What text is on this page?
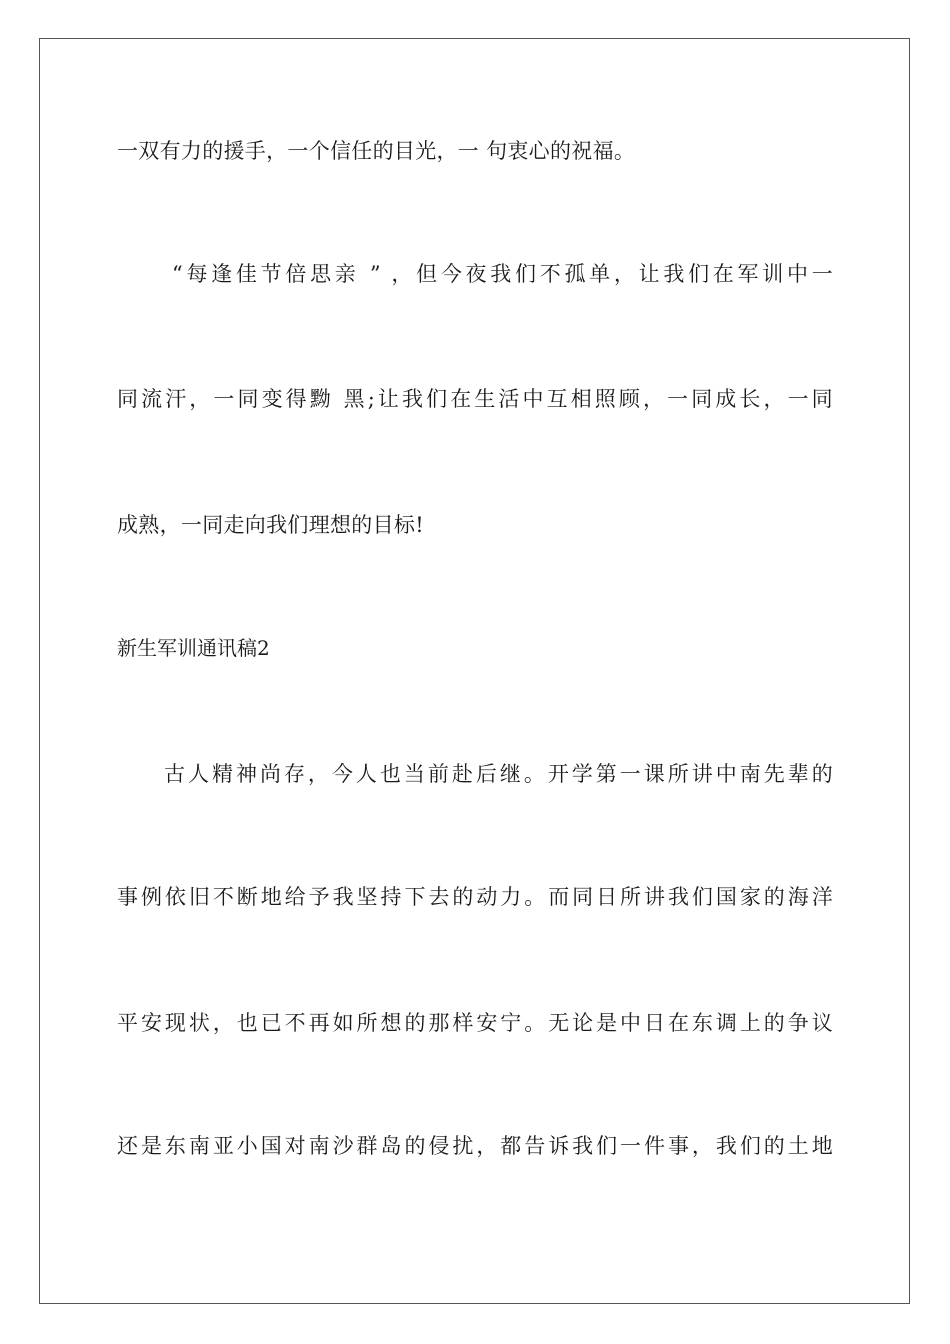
一双有力的援手，一个信任的目光，一 句衷心的祝福。
“每逢佳节倍思亲 ” ，但今夜我们不孤单，让我们在军训中一
同流汗，一同变得黝 黑;让我们在生活中互相照顾，一同成长，一同
成熟，一同走向我们理想的目标!
新生军训通讯稿2
古人精神尚存，今人也当前赴后继。开学第一课所讲中南先辈的
事例依旧不断地给予我坚持下去的动力。而同日所讲我们国家的海洋
平安现状，也已不再如所想的那样安宁。无论是中日在东调上的争议
还是东南亚小国对南沙群岛的侵扰，都告诉我们一件事，我们的土地
